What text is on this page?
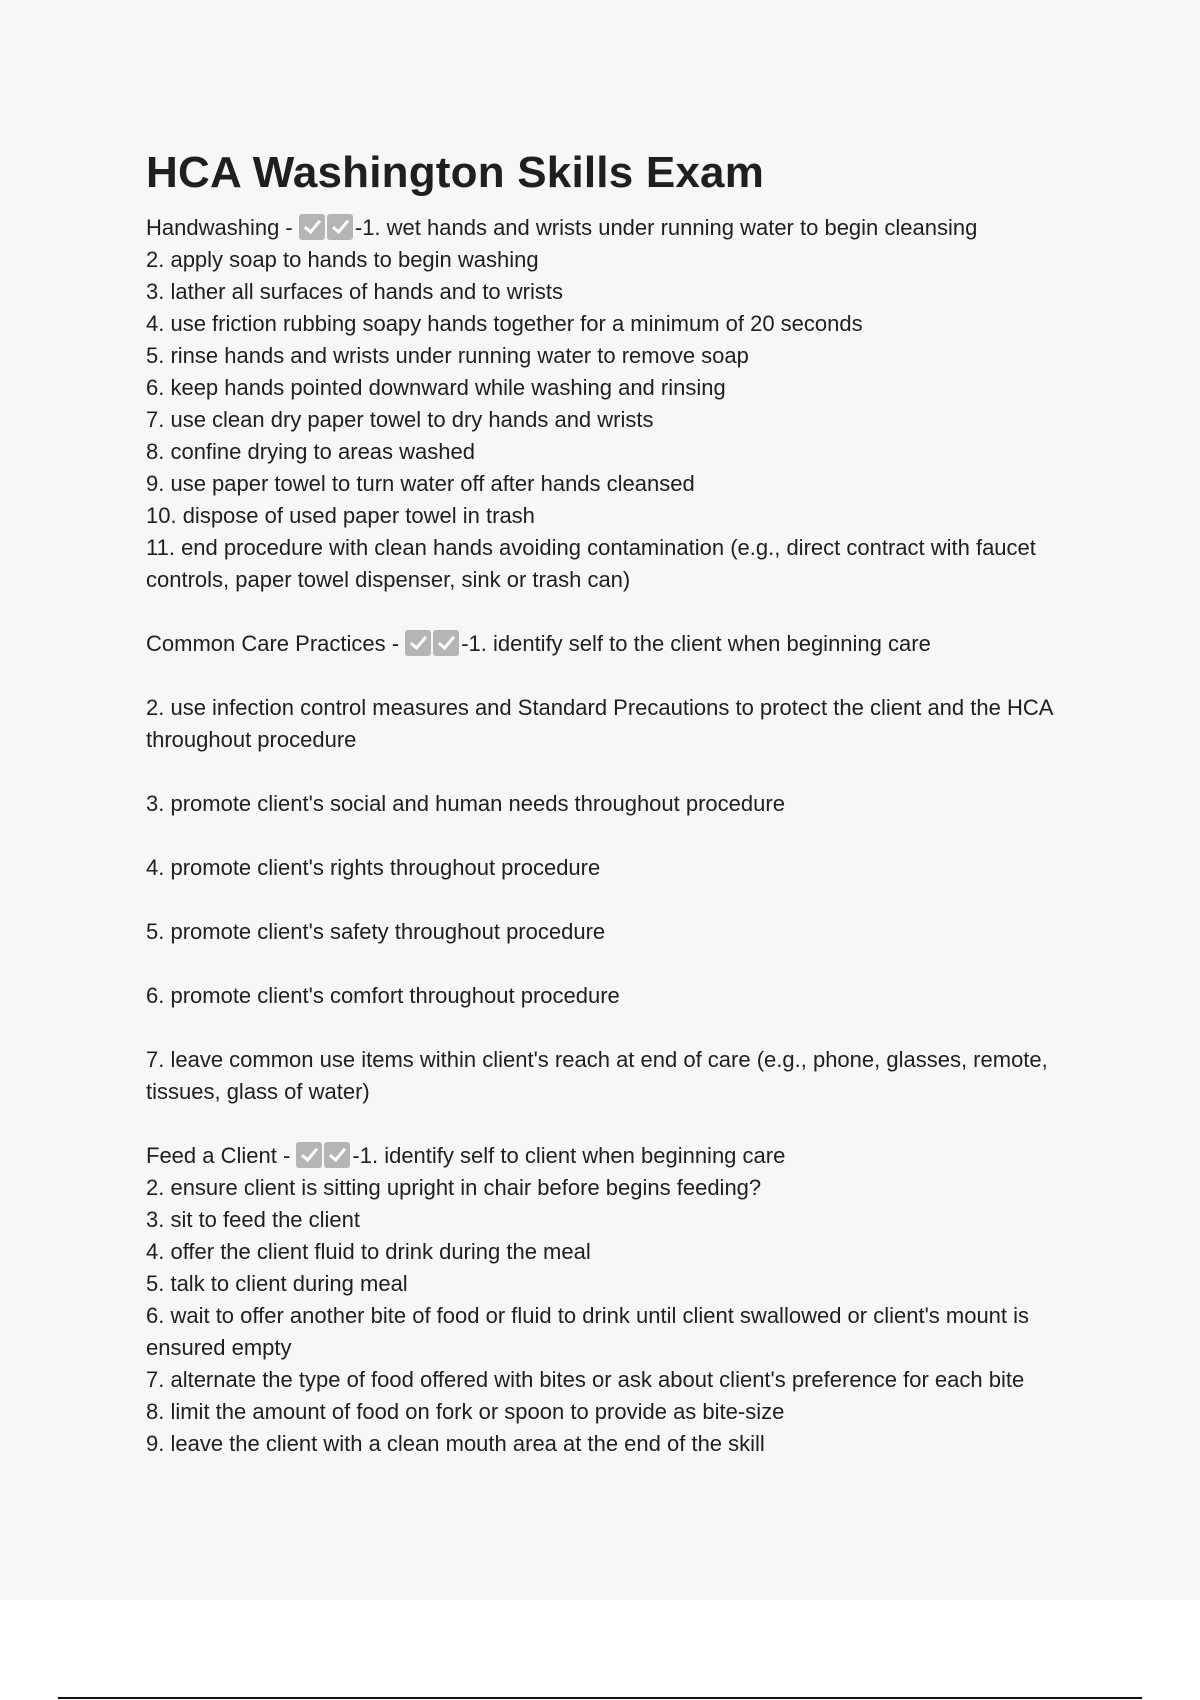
HCA Washington Skills Exam

Handwashing -	-1. wet hands and wrists under running water to begin cleansing

2. apply soap to hands to begin washing

3. lather all surfaces of hands and to wrists

4. use friction rubbing soapy hands together for a minimum of 20 seconds

5. rinse hands and wrists under running water to remove soap

6. keep hands pointed downward while washing and rinsing

7. use clean dry paper towel to dry hands and wrists

8. confine drying to areas washed

9. use paper towel to turn water off after hands cleansed

10. dispose of used paper towel in trash

11. end procedure with clean hands avoiding contamination (e.g., direct contract with faucet controls, paper towel dispenser, sink or trash can)

Common Care Practices -	-1. identify self to the client when beginning care

2. use infection control measures and Standard Precautions to protect the client and the HCA throughout procedure

3. promote client's social and human needs throughout procedure

4. promote client's rights throughout procedure

5. promote client's safety throughout procedure

6. promote client's comfort throughout procedure

7. leave common use items within client's reach at end of care (e.g., phone, glasses, remote, tissues, glass of water)

Feed a Client -	-1. identify self to client when beginning care

2. ensure client is sitting upright in chair before begins feeding?

3. sit to feed the client

4. offer the client fluid to drink during the meal

5. talk to client during meal

6. wait to offer another bite of food or fluid to drink until client swallowed or client's mount is ensured empty

7. alternate the type of food offered with bites or ask about client's preference for each bite

8. limit the amount of food on fork or spoon to provide as bite-size

9. leave the client with a clean mouth area at the end of the skill
